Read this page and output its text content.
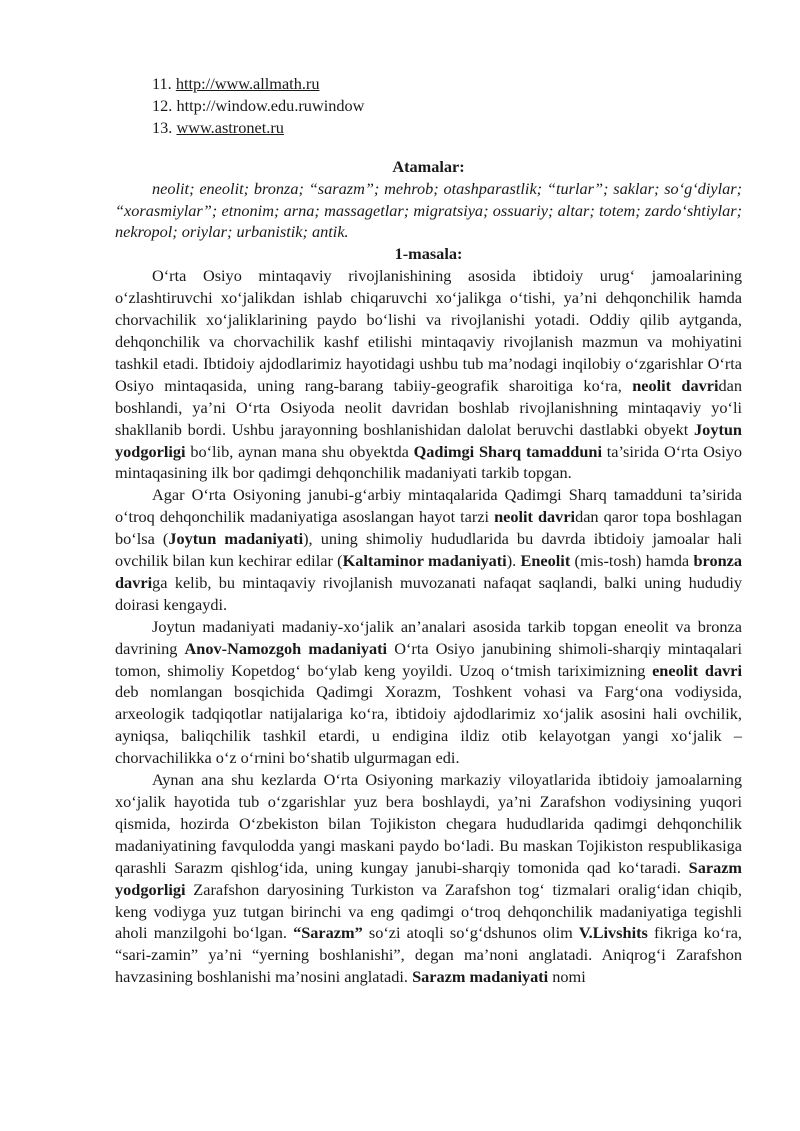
11. http://www.allmath.ru
12. http://window.edu.ruwindow
13. www.astronet.ru
Atamalar:

neolit; eneolit; bronza; “sarazm”; mehrob; otashparastlik; “turlar”; saklar; so‘g‘diylar; “xorasmiylar”; etnonim; arna; massagetlar; migratsiya; ossuariy; altar; totem; zardo‘shtiylar; nekropol; oriylar; urbanistik; antik.

1-masala:

O‘rta Osiyo mintaqaviy rivojlanishining asosida ibtidoiy urug‘ jamoalarining o‘zlashtiruvchi xo‘jalikdan ishlab chiqaruvchi xo‘jalikga o‘tishi, ya’ni dehqonchilik hamda chorvachilik xo‘jaliklarining paydo bo‘lishi va rivojlanishi yotadi. Oddiy qilib aytganda, dehqonchilik va chorvachilik kashf etilishi mintaqaviy rivojlanish mazmun va mohiyatini tashkil etadi. Ibtidoiy ajdodlarimiz hayotidagi ushbu tub ma’nodagi inqilobiy o‘zgarishlar O‘rta Osiyo mintaqasida, uning rang-barang tabiiy-geografik sharoitiga ko‘ra, neolit davridan boshlandi, ya’ni O‘rta Osiyoda neolit davridan boshlab rivojlanishning mintaqaviy yo‘li shakllanib bordi. Ushbu jarayonning boshlanishidan dalolat beruvchi dastlabki obyekt Joytun yodgorligi bo‘lib, aynan mana shu obyektda Qadimgi Sharq tamadduni ta’sirida O‘rta Osiyo mintaqasining ilk bor qadimgi dehqonchilik madaniyati tarkib topgan.

Agar O‘rta Osiyoning janubi-g‘arbiy mintaqalarida Qadimgi Sharq tamadduni ta’sirida o‘troq dehqonchilik madaniyatiga asoslangan hayot tarzi neolit davridan qaror topa boshlagan bo‘lsa (Joytun madaniyati), uning shimoliy hududlarida bu davrda ibtidoiy jamoalar hali ovchilik bilan kun kechirar edilar (Kaltaminor madaniyati). Eneolit (mis-tosh) hamda bronza davriga kelib, bu mintaqaviy rivojlanish muvozanati nafaqat saqlandi, balki uning hududiy doirasi kengaydi.

Joytun madaniyati madaniy-xo‘jalik an’analari asosida tarkib topgan eneolit va bronza davrining Anov-Namozgoh madaniyati O‘rta Osiyo janubining shimoli-sharqiy mintaqalari tomon, shimoliy Kopetdog‘ bo‘ylab keng yoyildi. Uzoq o‘tmish tariximizning eneolit davri deb nomlangan bosqichida Qadimgi Xorazm, Toshkent vohasi va Farg‘ona vodiysida, arxeologik tadqiqotlar natijalariga ko‘ra, ibtidoiy ajdodlarimiz xo‘jalik asosini hali ovchilik, ayniqsa, baliqchilik tashkil etardi, u endigina ildiz otib kelayotgan yangi xo‘jalik – chorvachilikka o‘z o‘rnini bo‘shatib ulgurmagan edi.

Aynan ana shu kezlarda O‘rta Osiyoning markaziy viloyatlarida ibtidoiy jamoalarning xo‘jalik hayotida tub o‘zgarishlar yuz bera boshlaydi, ya’ni Zarafshon vodiysining yuqori qismida, hozirda O‘zbekiston bilan Tojikiston chegara hududlarida qadimgi dehqonchilik madaniyatining favqulodda yangi maskani paydo bo‘ladi. Bu maskan Tojikiston respublikasiga qarashli Sarazm qishlog‘ida, uning kungay janubi-sharqiy tomonida qad ko‘taradi. Sarazm yodgorligi Zarafshon daryosining Turkiston va Zarafshon tog‘ tizmalari oralig‘idan chiqib, keng vodiyga yuz tutgan birinchi va eng qadimgi o‘troq dehqonchilik madaniyatiga tegishli aholi manzilgohi bo‘lgan. “Sarazm” so‘zi atoqli so‘g‘dshunos olim V.Livshits fikriga ko‘ra, “sari-zamin” ya’ni “yerning boshlanishi”, degan ma’noni anglatadi. Aniqrog‘i Zarafshon havzasining boshlanishi ma’nosini anglatadi. Sarazm madaniyati nomi
